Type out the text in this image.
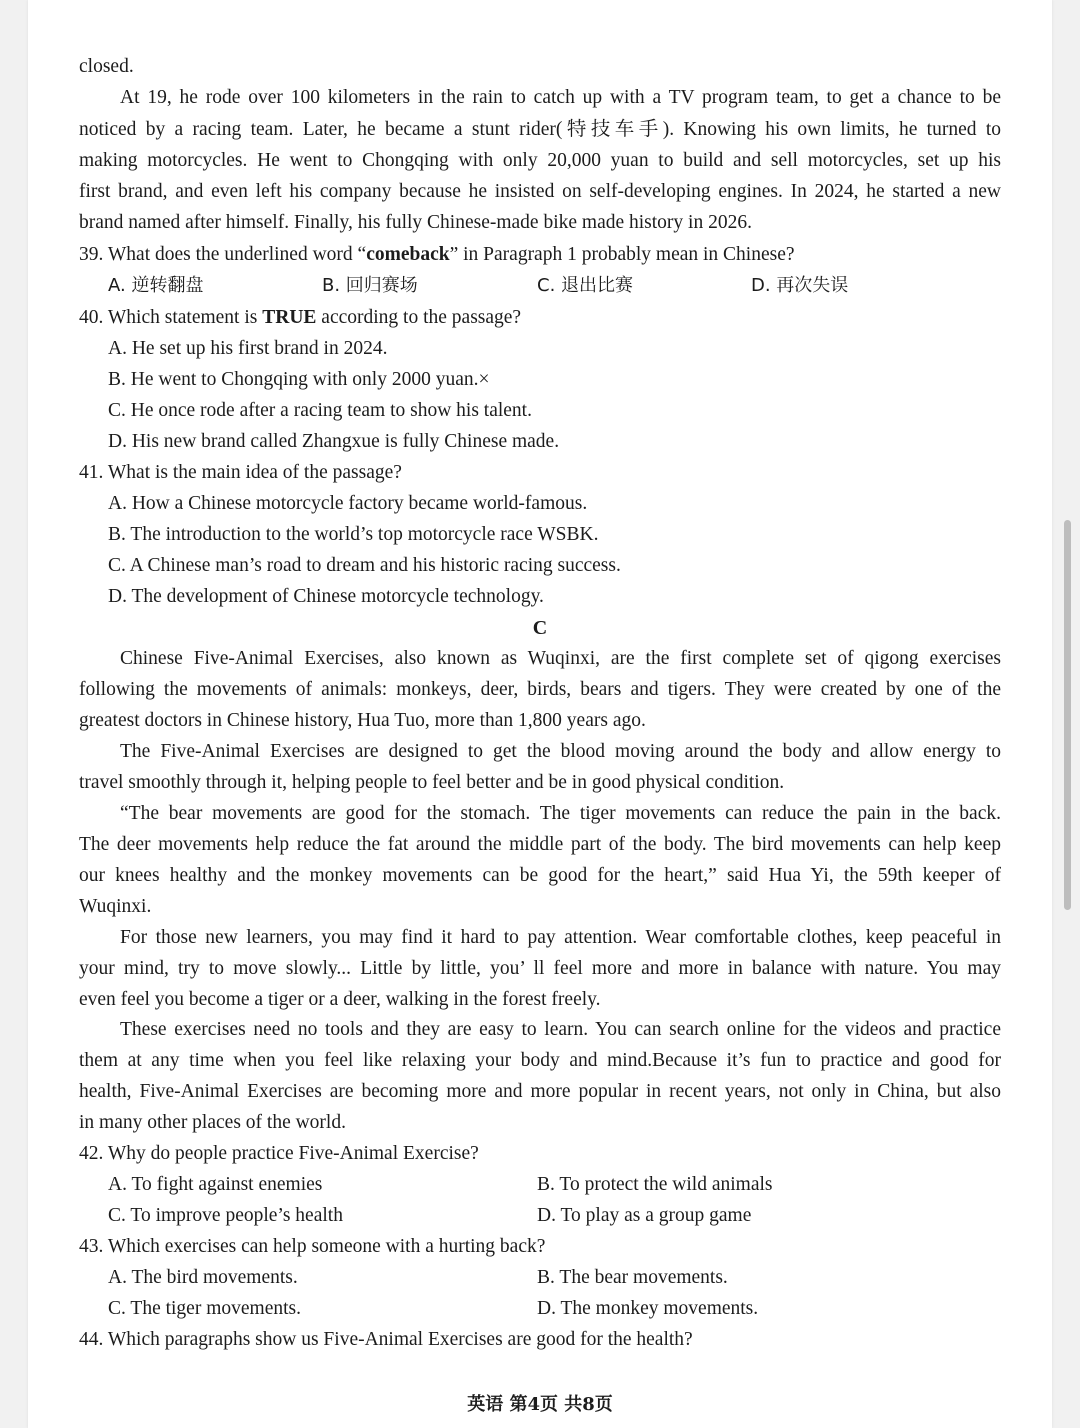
closed.
At 19, he rode over 100 kilometers in the rain to catch up with a TV program team, to get a chance to be
noticed by a racing team. Later, he became a stunt rider(特技车手). Knowing his own limits, he turned to
making motorcycles. He went to Chongqing with only 20,000 yuan to build and sell motorcycles, set up his
first brand, and even left his company because he insisted on self-developing engines. In 2024, he started a new
brand named after himself. Finally, his fully Chinese-made bike made history in 2026.
39. What does the underlined word “comeback” in Paragraph 1 probably mean in Chinese?
A. 逆转翻盘	B. 回归赛场	C. 退出比赛	D. 再次失误
40. Which statement is TRUE according to the passage?
A. He set up his first brand in 2024.
B. He went to Chongqing with only 2000 yuan.×
C. He once rode after a racing team to show his talent.
D. His new brand called Zhangxue is fully Chinese made.
41. What is the main idea of the passage?
A. How a Chinese motorcycle factory became world-famous.
B. The introduction to the world’s top motorcycle race WSBK.
C. A Chinese man’s road to dream and his historic racing success.
D. The development of Chinese motorcycle technology.
C
Chinese Five-Animal Exercises, also known as Wuqinxi, are the first complete set of qigong exercises
following the movements of animals: monkeys, deer, birds, bears and tigers. They were created by one of the
greatest doctors in Chinese history, Hua Tuo, more than 1,800 years ago.
The Five-Animal Exercises are designed to get the blood moving around the body and allow energy to
travel smoothly through it, helping people to feel better and be in good physical condition.
“The bear movements are good for the stomach. The tiger movements can reduce the pain in the back.
The deer movements help reduce the fat around the middle part of the body. The bird movements can help keep
our knees healthy and the monkey movements can be good for the heart,” said Hua Yi, the 59th keeper of
Wuqinxi.
For those new learners, you may find it hard to pay attention. Wear comfortable clothes, keep peaceful in
your mind, try to move slowly... Little by little, you’ ll feel more and more in balance with nature. You may
even feel you become a tiger or a deer, walking in the forest freely.
These exercises need no tools and they are easy to learn. You can search online for the videos and practice
them at any time when you feel like relaxing your body and mind.Because it’s fun to practice and good for
health, Five-Animal Exercises are becoming more and more popular in recent years, not only in China, but also
in many other places of the world.
42. Why do people practice Five-Animal Exercise?
A. To fight against enemies	B. To protect the wild animals
C. To improve people’s health	D. To play as a group game
43. Which exercises can help someone with a hurting back?
A. The bird movements.	B. The bear movements.
C. The tiger movements.	D. The monkey movements.
44. Which paragraphs show us Five-Animal Exercises are good for the health?
英语 第4页 共8页
